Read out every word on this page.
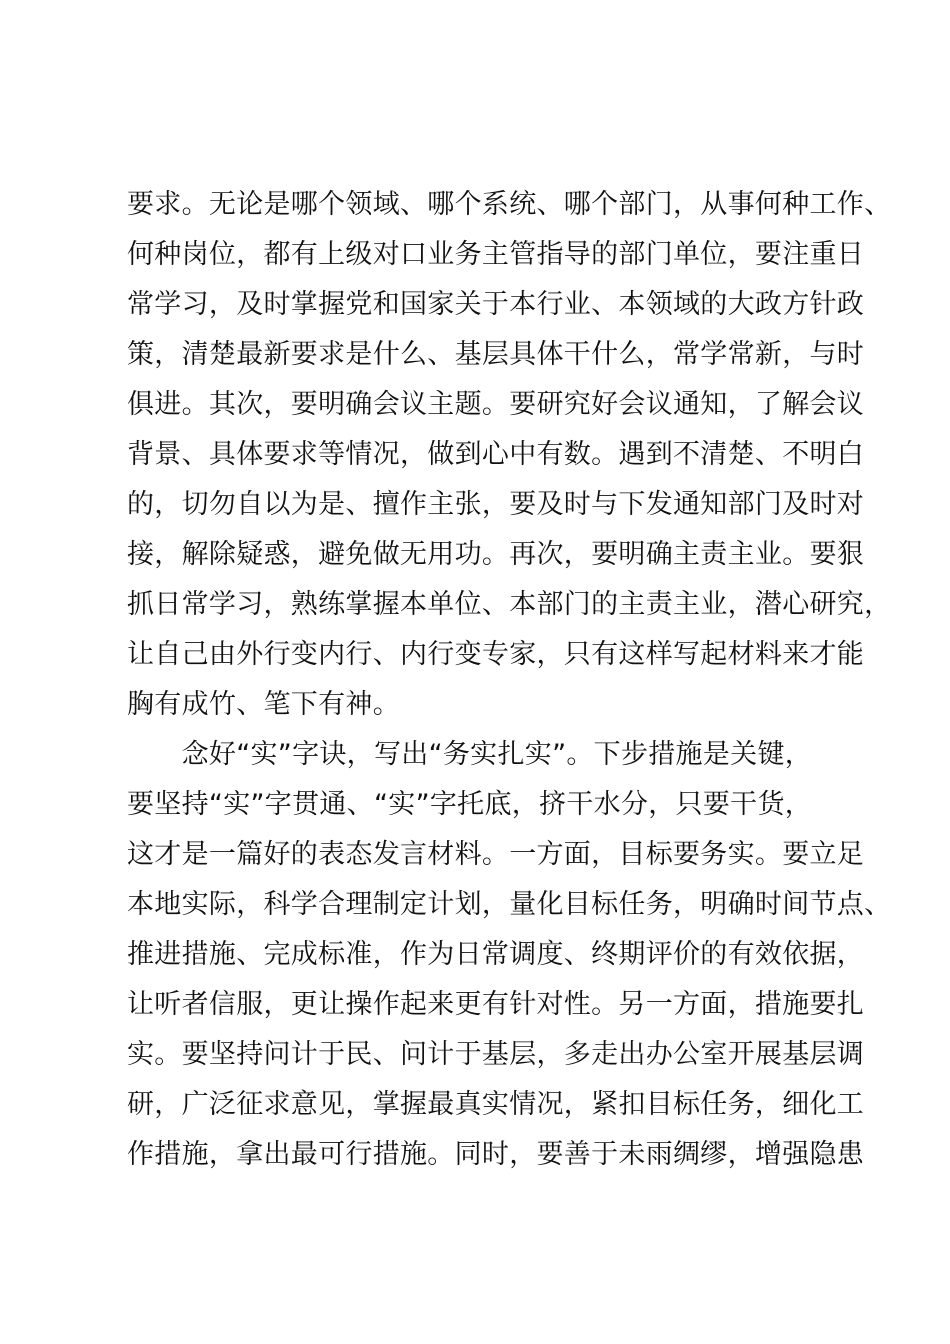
要求。无论是哪个领域、哪个系统、哪个部门，从事何种工作、
何种岗位，都有上级对口业务主管指导的部门单位，要注重日
常学习，及时掌握党和国家关于本行业、本领域的大政方针政
策，清楚最新要求是什么、基层具体干什么，常学常新，与时
俱进。其次，要明确会议主题。要研究好会议通知，了解会议
背景、具体要求等情况，做到心中有数。遇到不清楚、不明白
的，切勿自以为是、擅作主张，要及时与下发通知部门及时对
接，解除疑惑，避免做无用功。再次，要明确主责主业。要狠
抓日常学习，熟练掌握本单位、本部门的主责主业，潜心研究，
让自己由外行变内行、内行变专家，只有这样写起材料来才能
胸有成竹、笔下有神。
　　念好“实”字诀，写出“务实扎实”。下步措施是关键，
要坚持“实”字贯通、“实”字托底，挤干水分，只要干货，
这才是一篇好的表态发言材料。一方面，目标要务实。要立足
本地实际，科学合理制定计划，量化目标任务，明确时间节点、
推进措施、完成标准，作为日常调度、终期评价的有效依据，
让听者信服，更让操作起来更有针对性。另一方面，措施要扎
实。要坚持问计于民、问计于基层，多走出办公室开展基层调
研，广泛征求意见，掌握最真实情况，紧扣目标任务，细化工
作措施，拿出最可行措施。同时，要善于未雨绸缪，增强隐患
